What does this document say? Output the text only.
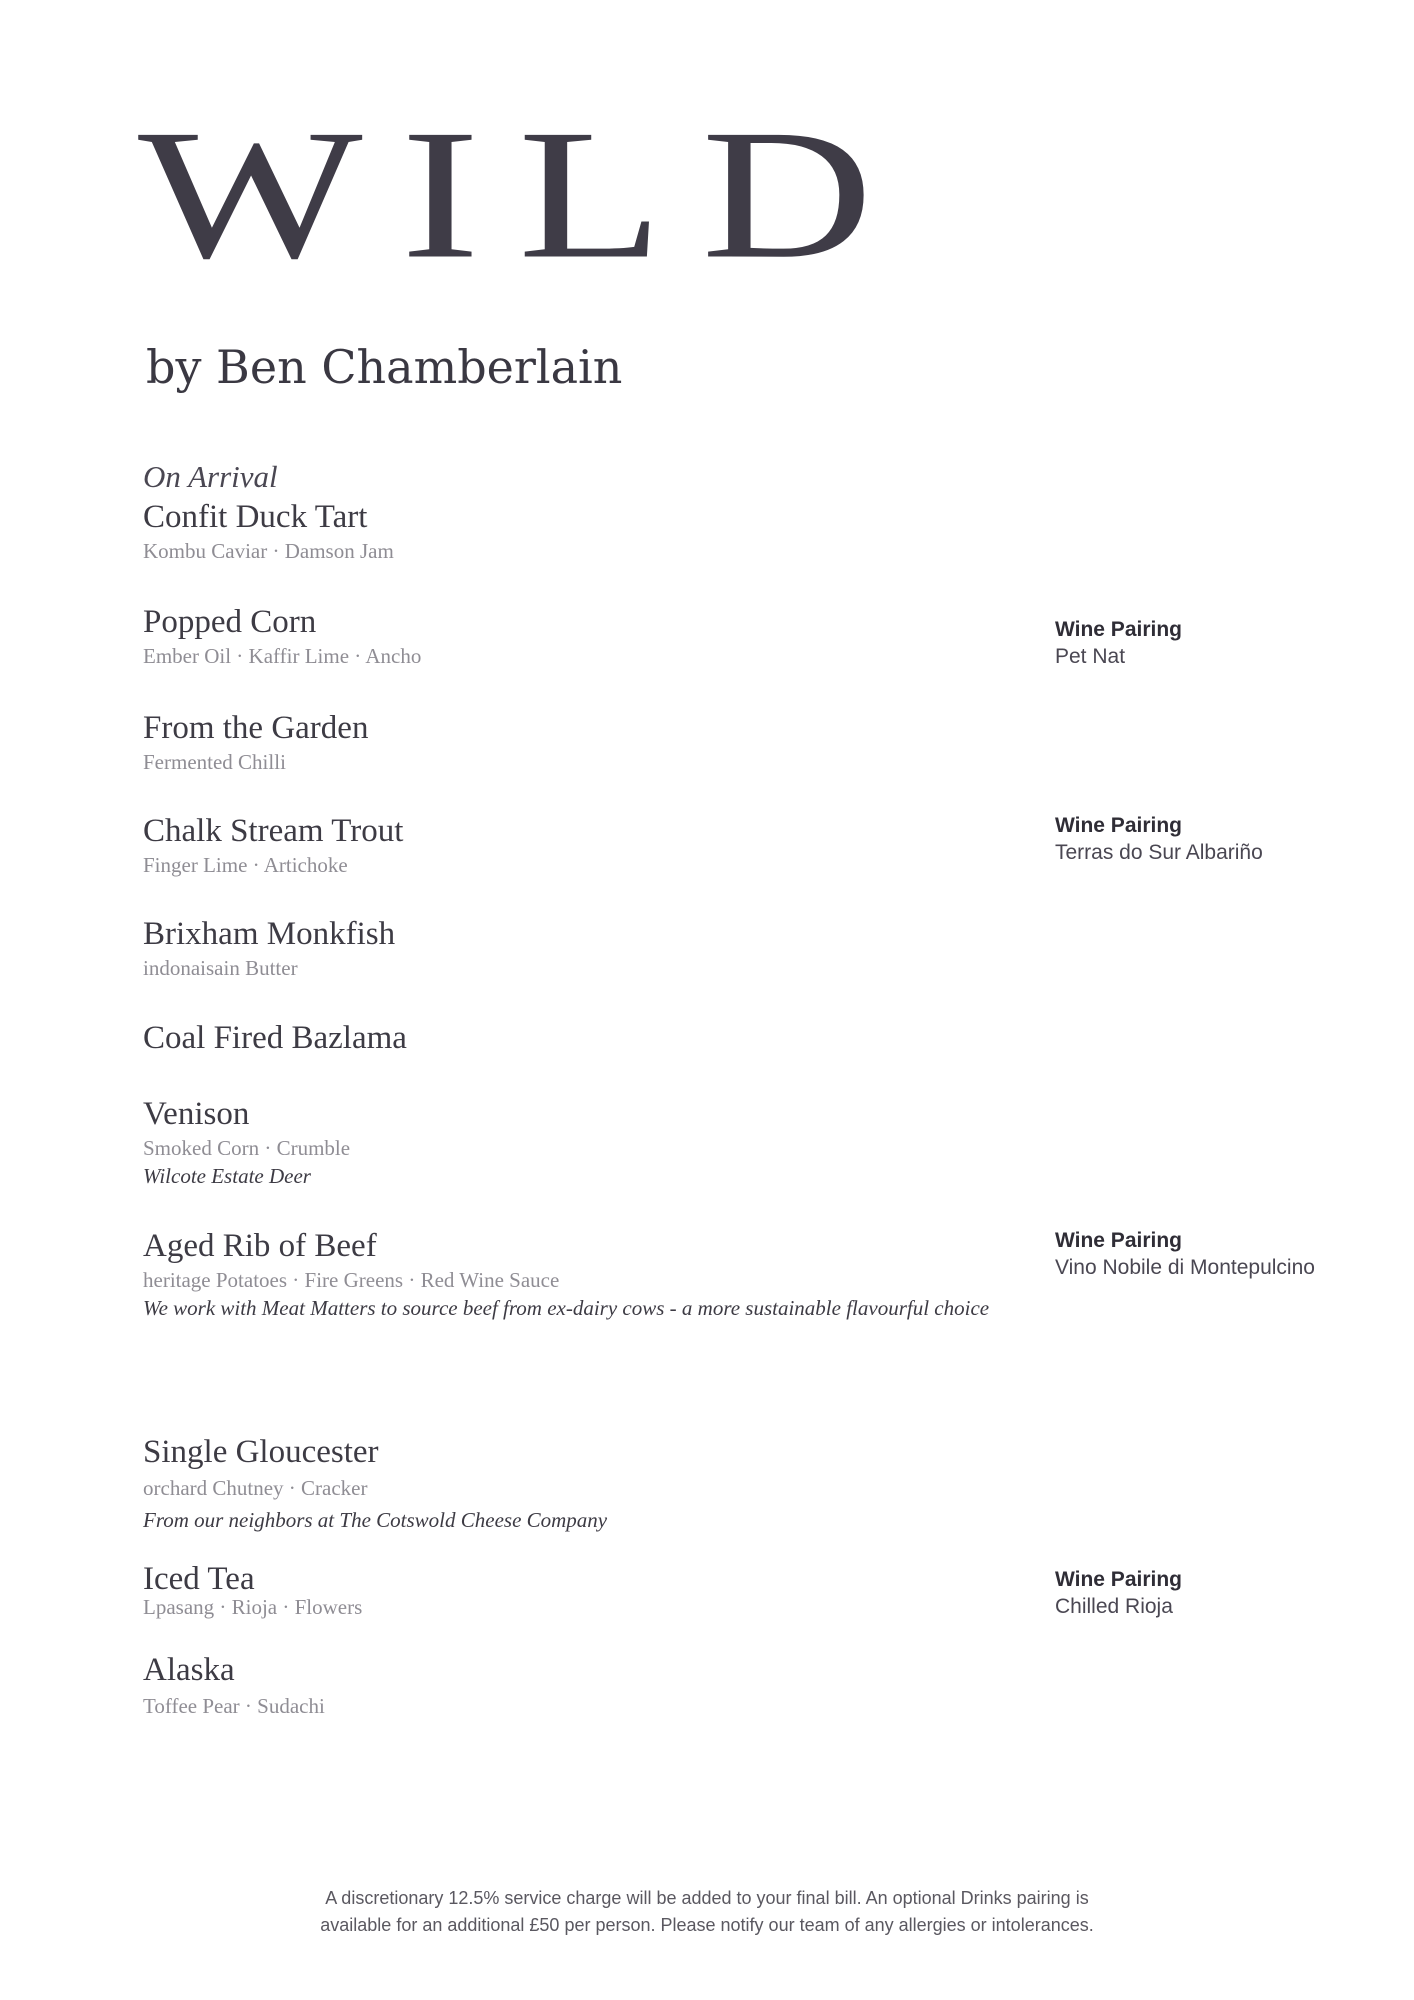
WILD
by Ben Chamberlain
On Arrival
Confit Duck Tart
Kombu Caviar · Damson Jam
Popped Corn
Ember Oil · Kaffir Lime · Ancho
From the Garden
Fermented Chilli
Chalk Stream Trout
Finger Lime · Artichoke
Brixham Monkfish
indonaisain Butter
Coal Fired Bazlama
Venison
Smoked Corn · Crumble
Wilcote Estate Deer
Aged Rib of Beef
heritage Potatoes · Fire Greens · Red Wine Sauce
We work with Meat Matters to source beef from ex-dairy cows - a more sustainable flavourful choice
Single Gloucester
orchard Chutney · Cracker
From our neighbors at The Cotswold Cheese Company
Iced Tea
Lpasang · Rioja · Flowers
Alaska
Toffee Pear · Sudachi
Wine Pairing
Pet Nat
Wine Pairing
Terras do Sur Albariño
Wine Pairing
Vino Nobile di Montepulcino
Wine Pairing
Chilled Rioja
A discretionary 12.5% service charge will be added to your final bill. An optional Drinks pairing is
available for an additional £50 per person. Please notify our team of any allergies or intolerances.
